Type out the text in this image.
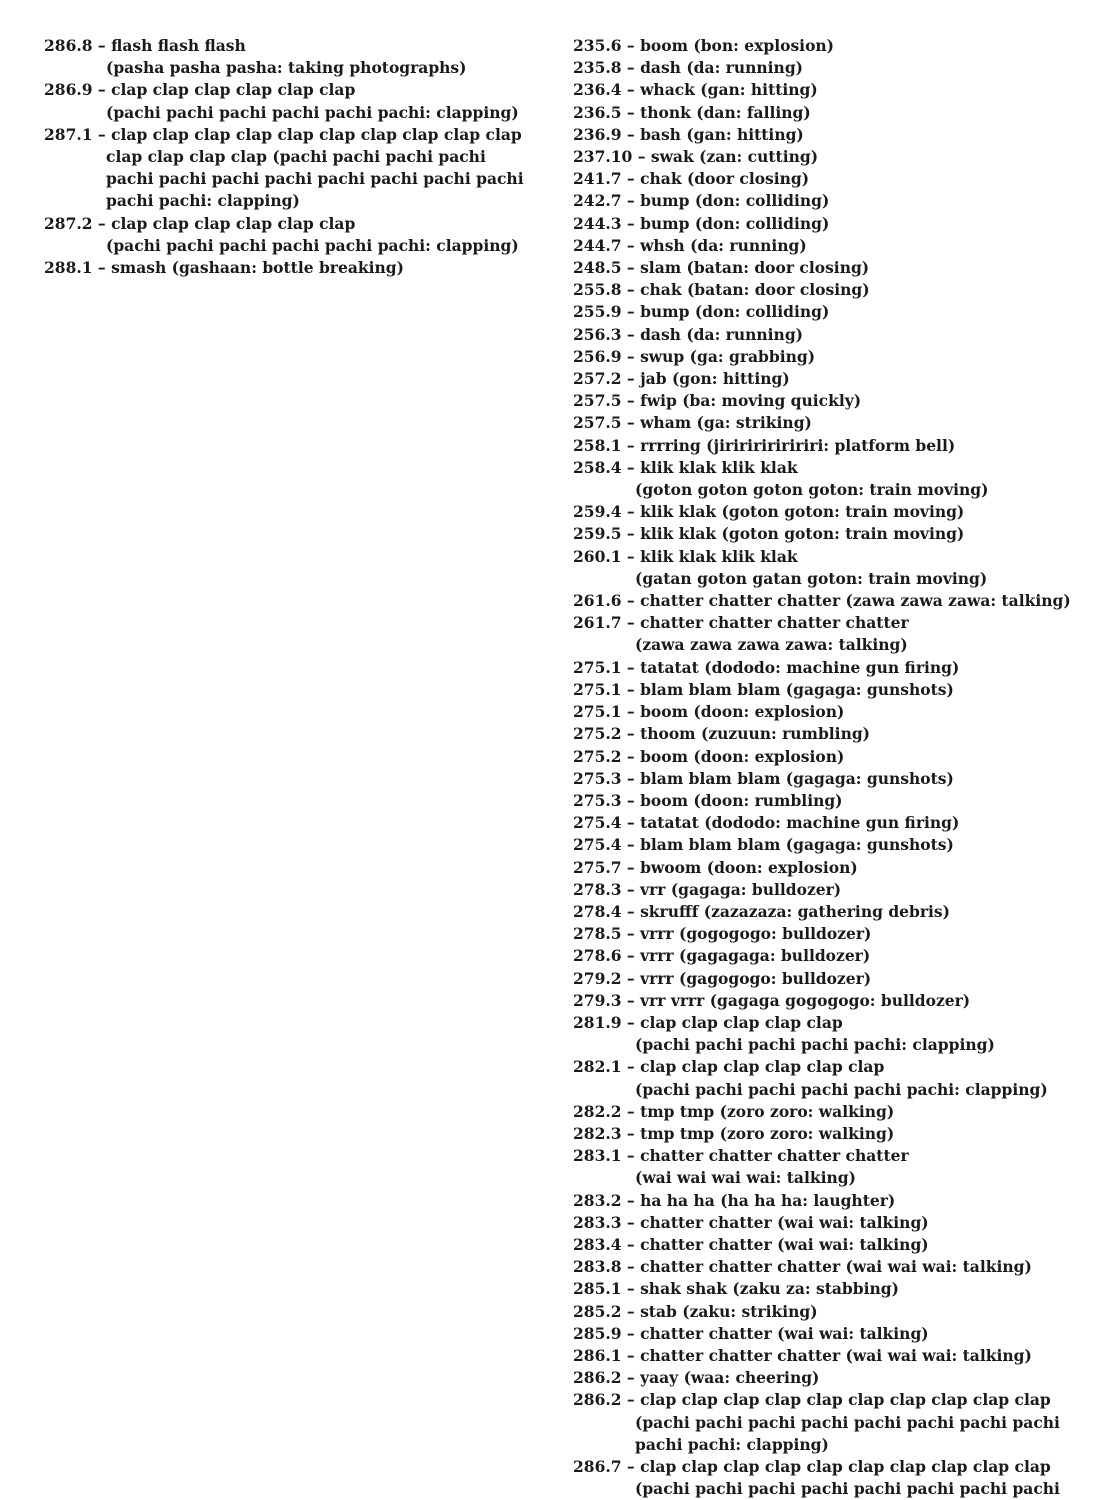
286.8 – flash flash flash
(pasha pasha pasha: taking photographs)
286.9 – clap clap clap clap clap clap
(pachi pachi pachi pachi pachi pachi: clapping)
287.1 – clap clap clap clap clap clap clap clap clap clap
clap clap clap clap (pachi pachi pachi pachi
pachi pachi pachi pachi pachi pachi pachi pachi
pachi pachi: clapping)
287.2 – clap clap clap clap clap clap
(pachi pachi pachi pachi pachi pachi: clapping)
288.1 – smash (gashaan: bottle breaking)
235.6 – boom (bon: explosion)
235.8 – dash (da: running)
236.4 – whack (gan: hitting)
236.5 – thonk (dan: falling)
236.9 – bash (gan: hitting)
237.10 – swak (zan: cutting)
241.7 – chak (door closing)
242.7 – bump (don: colliding)
244.3 – bump (don: colliding)
244.7 – whsh (da: running)
248.5 – slam (batan: door closing)
255.8 – chak (batan: door closing)
255.9 – bump (don: colliding)
256.3 – dash (da: running)
256.9 – swup (ga: grabbing)
257.2 – jab (gon: hitting)
257.5 – fwip (ba: moving quickly)
257.5 – wham (ga: striking)
258.1 – rrrring (jiririririririri: platform bell)
258.4 – klik klak klik klak
(goton goton goton goton: train moving)
259.4 – klik klak (goton goton: train moving)
259.5 – klik klak (goton goton: train moving)
260.1 – klik klak klik klak
(gatan goton gatan goton: train moving)
261.6 – chatter chatter chatter (zawa zawa zawa: talking)
261.7 – chatter chatter chatter chatter
(zawa zawa zawa zawa: talking)
275.1 – tatatat (dododo: machine gun firing)
275.1 – blam blam blam (gagaga: gunshots)
275.1 – boom (doon: explosion)
275.2 – thoom (zuzuun: rumbling)
275.2 – boom (doon: explosion)
275.3 – blam blam blam (gagaga: gunshots)
275.3 – boom (doon: rumbling)
275.4 – tatatat (dododo: machine gun firing)
275.4 – blam blam blam (gagaga: gunshots)
275.7 – bwoom (doon: explosion)
278.3 – vrr (gagaga: bulldozer)
278.4 – skrufff (zazazaza: gathering debris)
278.5 – vrrr (gogogogo: bulldozer)
278.6 – vrrr (gagagaga: bulldozer)
279.2 – vrrr (gagogogo: bulldozer)
279.3 – vrr vrrr (gagaga gogogogo: bulldozer)
281.9 – clap clap clap clap clap
(pachi pachi pachi pachi pachi: clapping)
282.1 – clap clap clap clap clap clap
(pachi pachi pachi pachi pachi pachi: clapping)
282.2 – tmp tmp (zoro zoro: walking)
282.3 – tmp tmp (zoro zoro: walking)
283.1 – chatter chatter chatter chatter
(wai wai wai wai: talking)
283.2 – ha ha ha (ha ha ha: laughter)
283.3 – chatter chatter (wai wai: talking)
283.4 – chatter chatter (wai wai: talking)
283.8 – chatter chatter chatter (wai wai wai: talking)
285.1 – shak shak (zaku za: stabbing)
285.2 – stab (zaku: striking)
285.9 – chatter chatter (wai wai: talking)
286.1 – chatter chatter chatter (wai wai wai: talking)
286.2 – yaay (waa: cheering)
286.2 – clap clap clap clap clap clap clap clap clap clap
(pachi pachi pachi pachi pachi pachi pachi pachi
pachi pachi: clapping)
286.7 – clap clap clap clap clap clap clap clap clap clap
(pachi pachi pachi pachi pachi pachi pachi pachi
